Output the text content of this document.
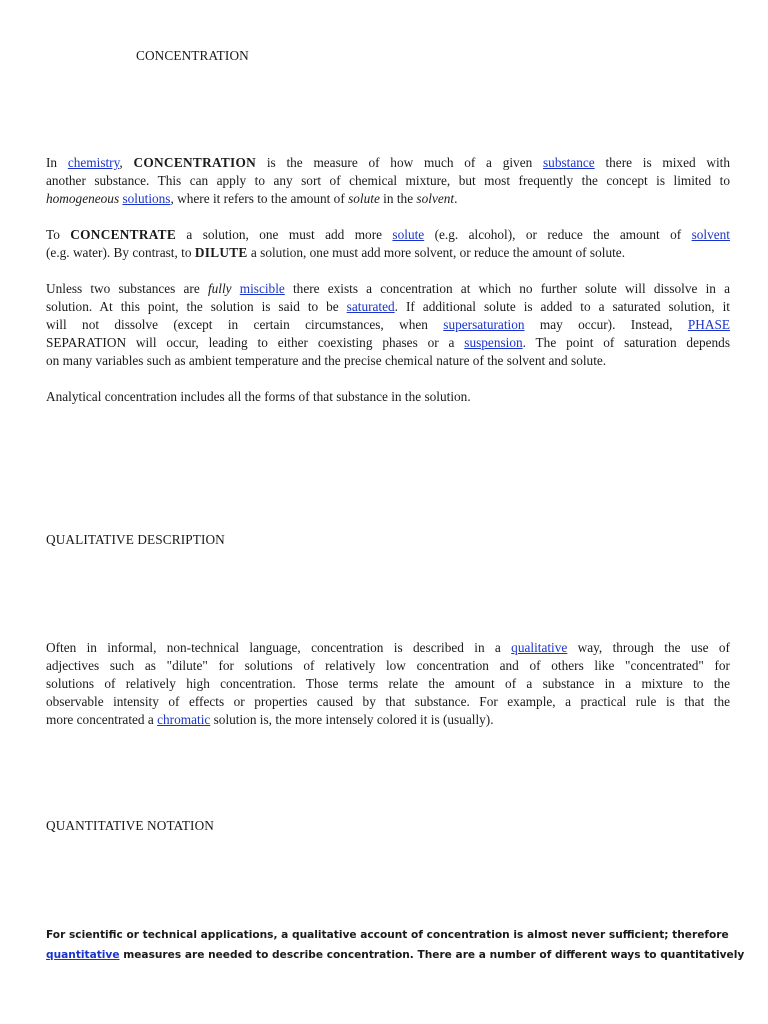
CONCENTRATION
In chemistry, CONCENTRATION is the measure of how much of a given substance there is mixed with
another substance. This can apply to any sort of chemical mixture, but most frequently the concept is limited to
homogeneous solutions, where it refers to the amount of solute in the solvent.
To CONCENTRATE a solution, one must add more solute (e.g. alcohol), or reduce the amount of solvent
(e.g. water). By contrast, to DILUTE a solution, one must add more solvent, or reduce the amount of solute.
Unless two substances are fully miscible there exists a concentration at which no further solute will dissolve in a
solution. At this point, the solution is said to be saturated. If additional solute is added to a saturated solution, it
will not dissolve (except in certain circumstances, when supersaturation may occur). Instead, PHASE
SEPARATION will occur, leading to either coexisting phases or a suspension. The point of saturation depends
on many variables such as ambient temperature and the precise chemical nature of the solvent and solute.
Analytical concentration includes all the forms of that substance in the solution.
QUALITATIVE DESCRIPTION
Often in informal, non-technical language, concentration is described in a qualitative way, through the use of
adjectives such as "dilute" for solutions of relatively low concentration and of others like "concentrated" for
solutions of relatively high concentration. Those terms relate the amount of a substance in a mixture to the
observable intensity of effects or properties caused by that substance. For example, a practical rule is that the
more concentrated a chromatic solution is, the more intensely colored it is (usually).
QUANTITATIVE NOTATION
For scientific or technical applications, a qualitative account of concentration is almost never sufficient; therefore
quantitative measures are needed to describe concentration. There are a number of different ways to quantitatively
